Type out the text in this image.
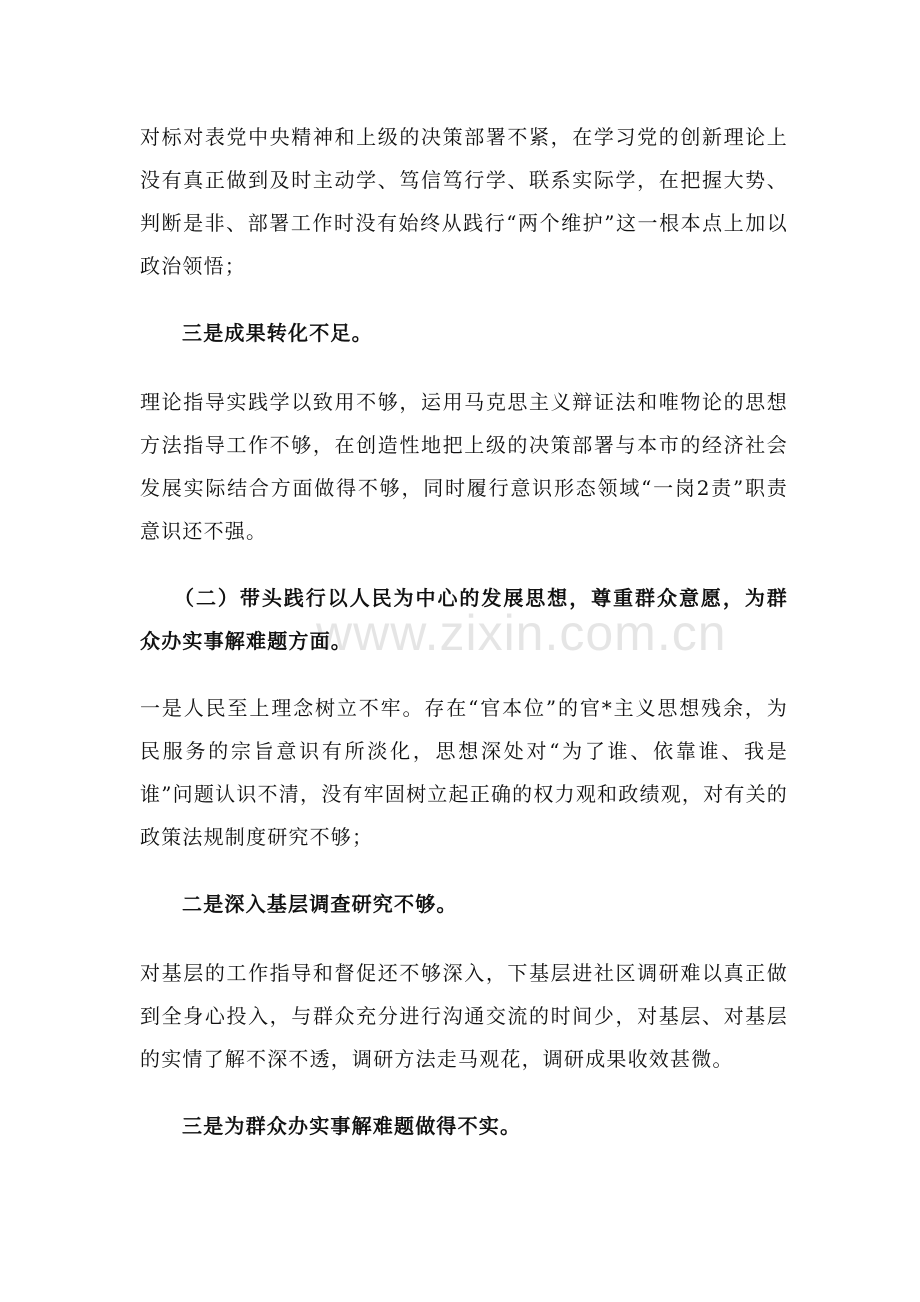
对标对表党中央精神和上级的决策部署不紧，在学习党的创新理论上没有真正做到及时主动学、笃信笃行学、联系实际学，在把握大势、判断是非、部署工作时没有始终从践行“两个维护”这一根本点上加以政治领悟；

三是成果转化不足。

理论指导实践学以致用不够，运用马克思主义辩证法和唯物论的思想方法指导工作不够，在创造性地把上级的决策部署与本市的经济社会发展实际结合方面做得不够，同时履行意识形态领域“一岗2责”职责意识还不强。

（二）带头践行以人民为中心的发展思想，尊重群众意愿，为群众办实事解难题方面。

一是人民至上理念树立不牢。存在“官本位”的官*主义思想残余，为民服务的宗旨意识有所淡化，思想深处对“为了谁、依靠谁、我是谁”问题认识不清，没有牢固树立起正确的权力观和政绩观，对有关的政策法规制度研究不够；

二是深入基层调查研究不够。

对基层的工作指导和督促还不够深入，下基层进社区调研难以真正做到全身心投入，与群众充分进行沟通交流的时间少，对基层、对基层的实情了解不深不透，调研方法走马观花，调研成果收效甚微。

三是为群众办实事解难题做得不实。

www.zixin.com.cn
